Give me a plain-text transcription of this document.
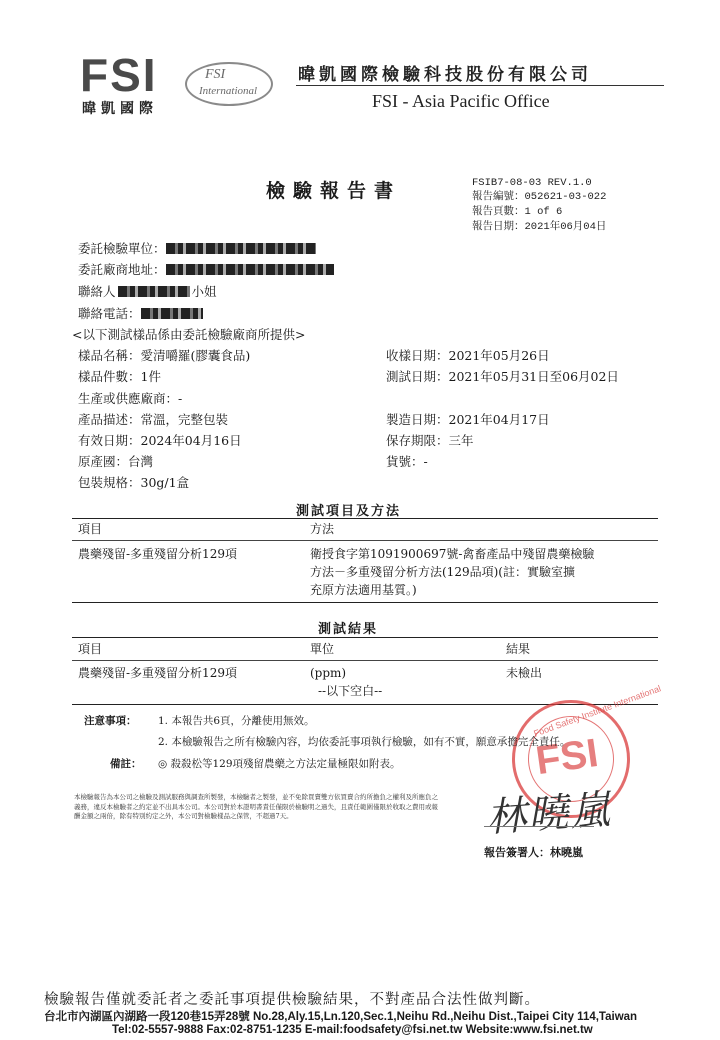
FSI
暐凱國際
FSI
International
暐凱國際檢驗科技股份有限公司
FSI - Asia Pacific Office
檢驗報告書	FSIB7-08-03 REV.1.0
報告編號：052621-03-022
報告頁數：1 of 6
報告日期：2021年06月04日
委託檢驗單位：
委託廠商地址：
聯絡人	小姐
聯絡電話：
<以下測試樣品係由委託檢驗廠商所提供>
樣品名稱：愛清嚼羅(膠囊食品)	收樣日期：2021年05月26日
樣品件數：1件	測試日期：2021年05月31日至06月02日
生產或供應廠商：-
產品描述：常溫，完整包裝	製造日期：2021年04月17日
有效日期：2024年04月16日	保存期限：三年
原產國：台灣	貨號：-
包裝規格：30g/1盒
測試項目及方法
項目	方法
農藥殘留-多重殘留分析129項	衛授食字第1091900697號-禽畜產品中殘留農藥檢驗
方法－多重殘留分析方法(129品項)(註：實驗室擴
充原方法適用基質。)
測試結果
項目	單位	結果
農藥殘留-多重殘留分析129項	(ppm)	未檢出
--以下空白--	Food Safety Institute International
FSI
注意事項： 1. 本報告共6頁，分離使用無效。
2. 本檢驗報告之所有檢驗內容，均依委託事項執行檢驗，如有不實，願意承擔完全責任。
備註： ◎ 殺殺松等129項殘留農藥之方法定量極限如附表。
本檢驗報告為本公司之檢驗及測試服務與調查所製發，本檢驗者之製發，並不免除買賣雙方依買賣合約所擔負之權利及所應負之義務，違反本檢驗者之約定並不出具本公司。本公司對於本證明書責任僅限於檢驗明之過失，且責任範圍僅限於收取之費用或報酬金額之兩倍，除有特別約定之外，本公司對檢驗樣品之保管，不超過7天。	林曉嵐
報告簽署人：林曉嵐
檢驗報告僅就委託者之委託事項提供檢驗結果，不對產品合法性做判斷。
台北市內湖區內湖路一段120巷15弄28號 No.28,Aly.15,Ln.120,Sec.1,Neihu Rd.,Neihu Dist.,Taipei City 114,Taiwan
Tel:02-5557-9888 Fax:02-8751-1235 E-mail:foodsafety@fsi.net.tw Website:www.fsi.net.tw
